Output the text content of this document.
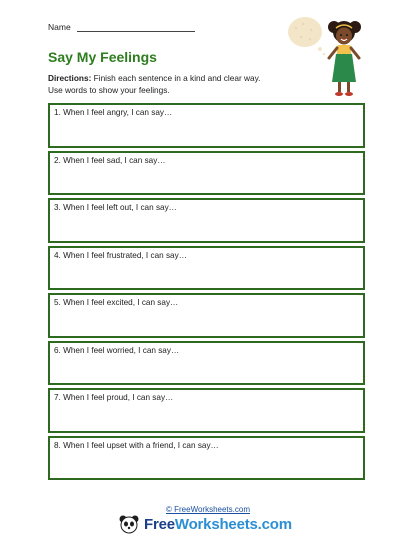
Name
Say My Feelings
Directions: Finish each sentence in a kind and clear way.
Use words to show your feelings.
1. When I feel angry, I can say…
2. When I feel sad, I can say…
3. When I feel left out, I can say…
4. When I feel frustrated, I can say…
5. When I feel excited, I can say…
6. When I feel worried, I can say…
7. When I feel proud, I can say…
8. When I feel upset with a friend, I can say…
© FreeWorksheets.com
FreeWorksheets.com
